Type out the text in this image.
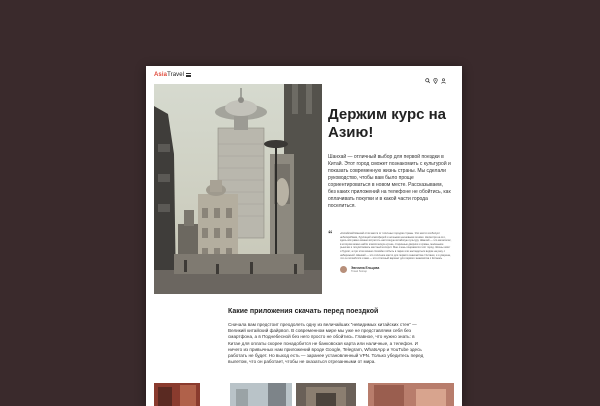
AsiaTravel
Держим курс на Азию!
Шанхай — отличный выбор для первой поездки в Китай. Этот город сможет познакомить с культурой и показать современную жизнь страны. Мы сделали руководство, чтобы вам было проще сориентироваться в новом месте. Рассказываем, без каких приложений на телефоне не обойтись, как оплачивать покупки и в какой части города поселиться.
“	«Китайский Шанхай отличается от типичных городов страны. Это место изобилует небоскрёбами, бурлящей атмосферой и ночными неоновыми огнями. Несмотря на это, здесь всё равно можно встретить настоящую китайскую культуру. Шанхай — это мегаполис, в котором можно найти классическую кухню, старинные дворики и храмы, маленькие рыночки и почувствовать местный колорит. Мне очень понравился этот город. Жизнь кипит и бурлит, а при этом можно спокойно побыть в парке или насладиться видом на реку с набережной. Шанхай — это отличное место для первого знакомства с Китаем, и я уверена, что он полюбится и вам — это отличный вариант для первого знакомства с Китаем»
Эвелина Ельцова
Travel блогер
Какие приложения скачать перед поездкой
Сначала вам предстоит преодолеть одну из величайших “невидимых китайских стен” — Великий китайский файрвол. В современном мире мы уже не представляем себя без смартфона, а в Поднебесной без него просто не обойтись. Главное, что нужно знать: в Китае для оплаты скорее понадобится не банковская карта или наличные, а телефон. И ничего из привычных нам приложений вроде Google, Telegram, WhatsApp и YouTube здесь работать не будет. Но выход есть — заранее установленный VPN. Только убедитесь перед вылетом, что он работает, чтобы не оказаться отрезанными от мира.
